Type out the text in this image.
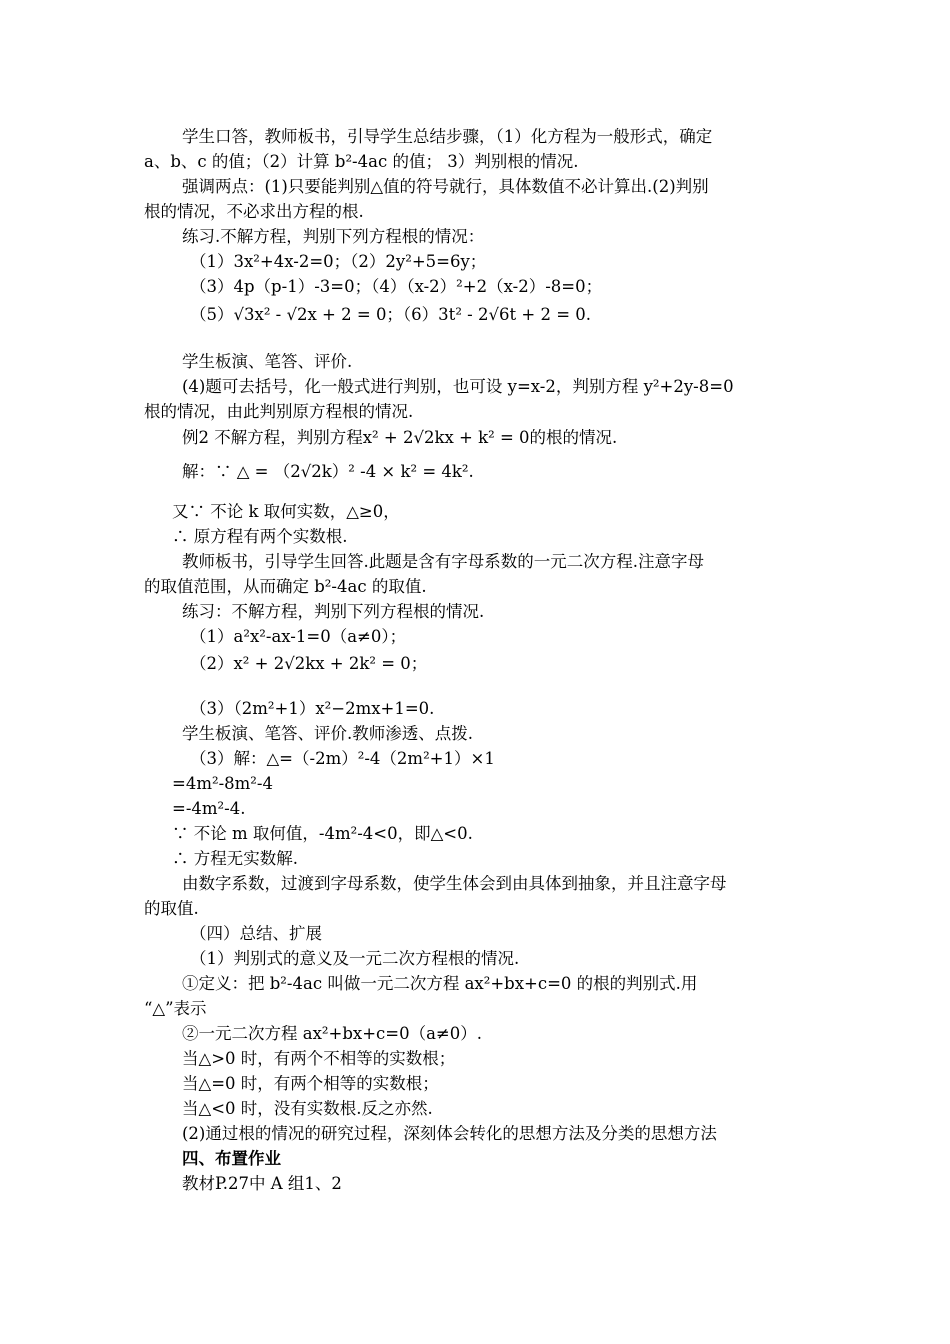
学生口答，教师板书，引导学生总结步骤，（1）化方程为一般形式，确定
a、b、c 的值；（2）计算 b²-4ac 的值； 3）判别根的情况.
强调两点：(1)只要能判别△值的符号就行，具体数值不必计算出.(2)判别
根的情况，不必求出方程的根.
练习.不解方程，判别下列方程根的情况：
（1）3x²+4x-2=0；（2）2y²+5=6y；
（3）4p（p-1）-3=0；（4）（x-2）²+2（x-2）-8=0；
（5）√3x² - √2x + 2 = 0；（6）3t² - 2√6t + 2 = 0.
学生板演、笔答、评价.
(4)题可去括号，化一般式进行判别，也可设 y=x-2，判别方程 y²+2y-8=0
根的情况，由此判别原方程根的情况.
例2 不解方程，判别方程x² + 2√2kx + k² = 0的根的情况.
解：∵ △ = （2√2k）² -4 × k² = 4k².
又∵ 不论 k 取何实数，△≥0，
∴ 原方程有两个实数根.
教师板书，引导学生回答.此题是含有字母系数的一元二次方程.注意字母
的取值范围，从而确定 b²-4ac 的取值.
练习：不解方程，判别下列方程根的情况.
（1）a²x²-ax-1=0（a≠0）；
（2）x² + 2√2kx + 2k² = 0；
（3）（2m²+1）x²−2mx+1=0.
学生板演、笔答、评价.教师渗透、点拨.
（3）解：△=（-2m）²-4（2m²+1）×1
=4m²-8m²-4
=-4m²-4.
∵ 不论 m 取何值，-4m²-4<0，即△<0.
∴ 方程无实数解.
由数字系数，过渡到字母系数，使学生体会到由具体到抽象，并且注意字母
的取值.
（四）总结、扩展
（1）判别式的意义及一元二次方程根的情况.
①定义：把 b²-4ac 叫做一元二次方程 ax²+bx+c=0 的根的判别式.用
“△”表示
②一元二次方程 ax²+bx+c=0（a≠0）.
当△>0 时，有两个不相等的实数根；
当△=0 时，有两个相等的实数根；
当△<0 时，没有实数根.反之亦然.
(2)通过根的情况的研究过程，深刻体会转化的思想方法及分类的思想方法
四、布置作业
教材P.27中 A 组1、2
